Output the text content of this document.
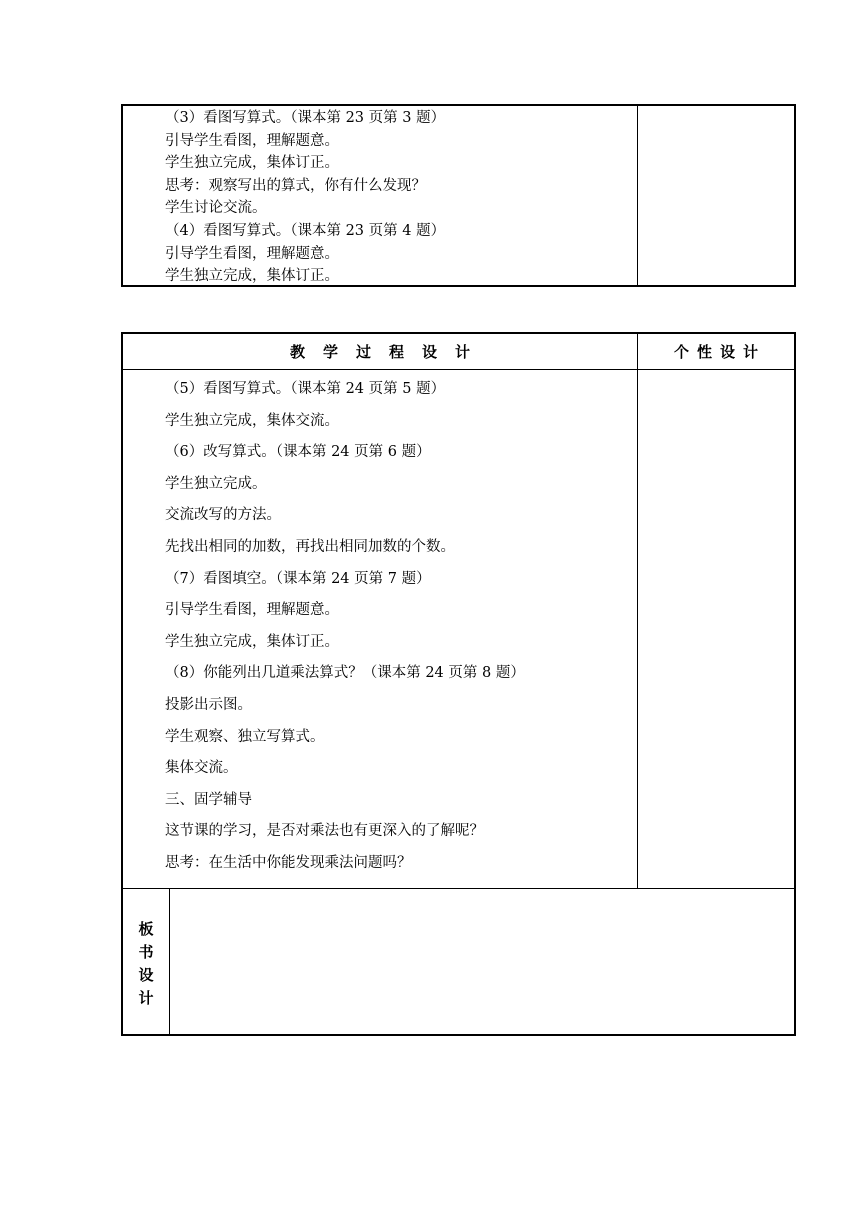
（3）看图写算式。（课本第 23 页第 3 题）
引导学生看图，理解题意。
学生独立完成，集体订正。
思考：观察写出的算式，你有什么发现？
学生讨论交流。
（4）看图写算式。（课本第 23 页第 4 题）
引导学生看图，理解题意。
学生独立完成，集体订正。
教学过程设计	个性设计
（5）看图写算式。（课本第 24 页第 5 题）
学生独立完成，集体交流。
（6）改写算式。（课本第 24 页第 6 题）
学生独立完成。
交流改写的方法。
先找出相同的加数，再找出相同加数的个数。
（7）看图填空。（课本第 24 页第 7 题）
引导学生看图，理解题意。
学生独立完成，集体订正。
（8）你能列出几道乘法算式？（课本第 24 页第 8 题）
投影出示图。
学生观察、独立写算式。
集体交流。
三、固学辅导
这节课的学习，是否对乘法也有更深入的了解呢？
思考：在生活中你能发现乘法问题吗？
板
书
设
计
